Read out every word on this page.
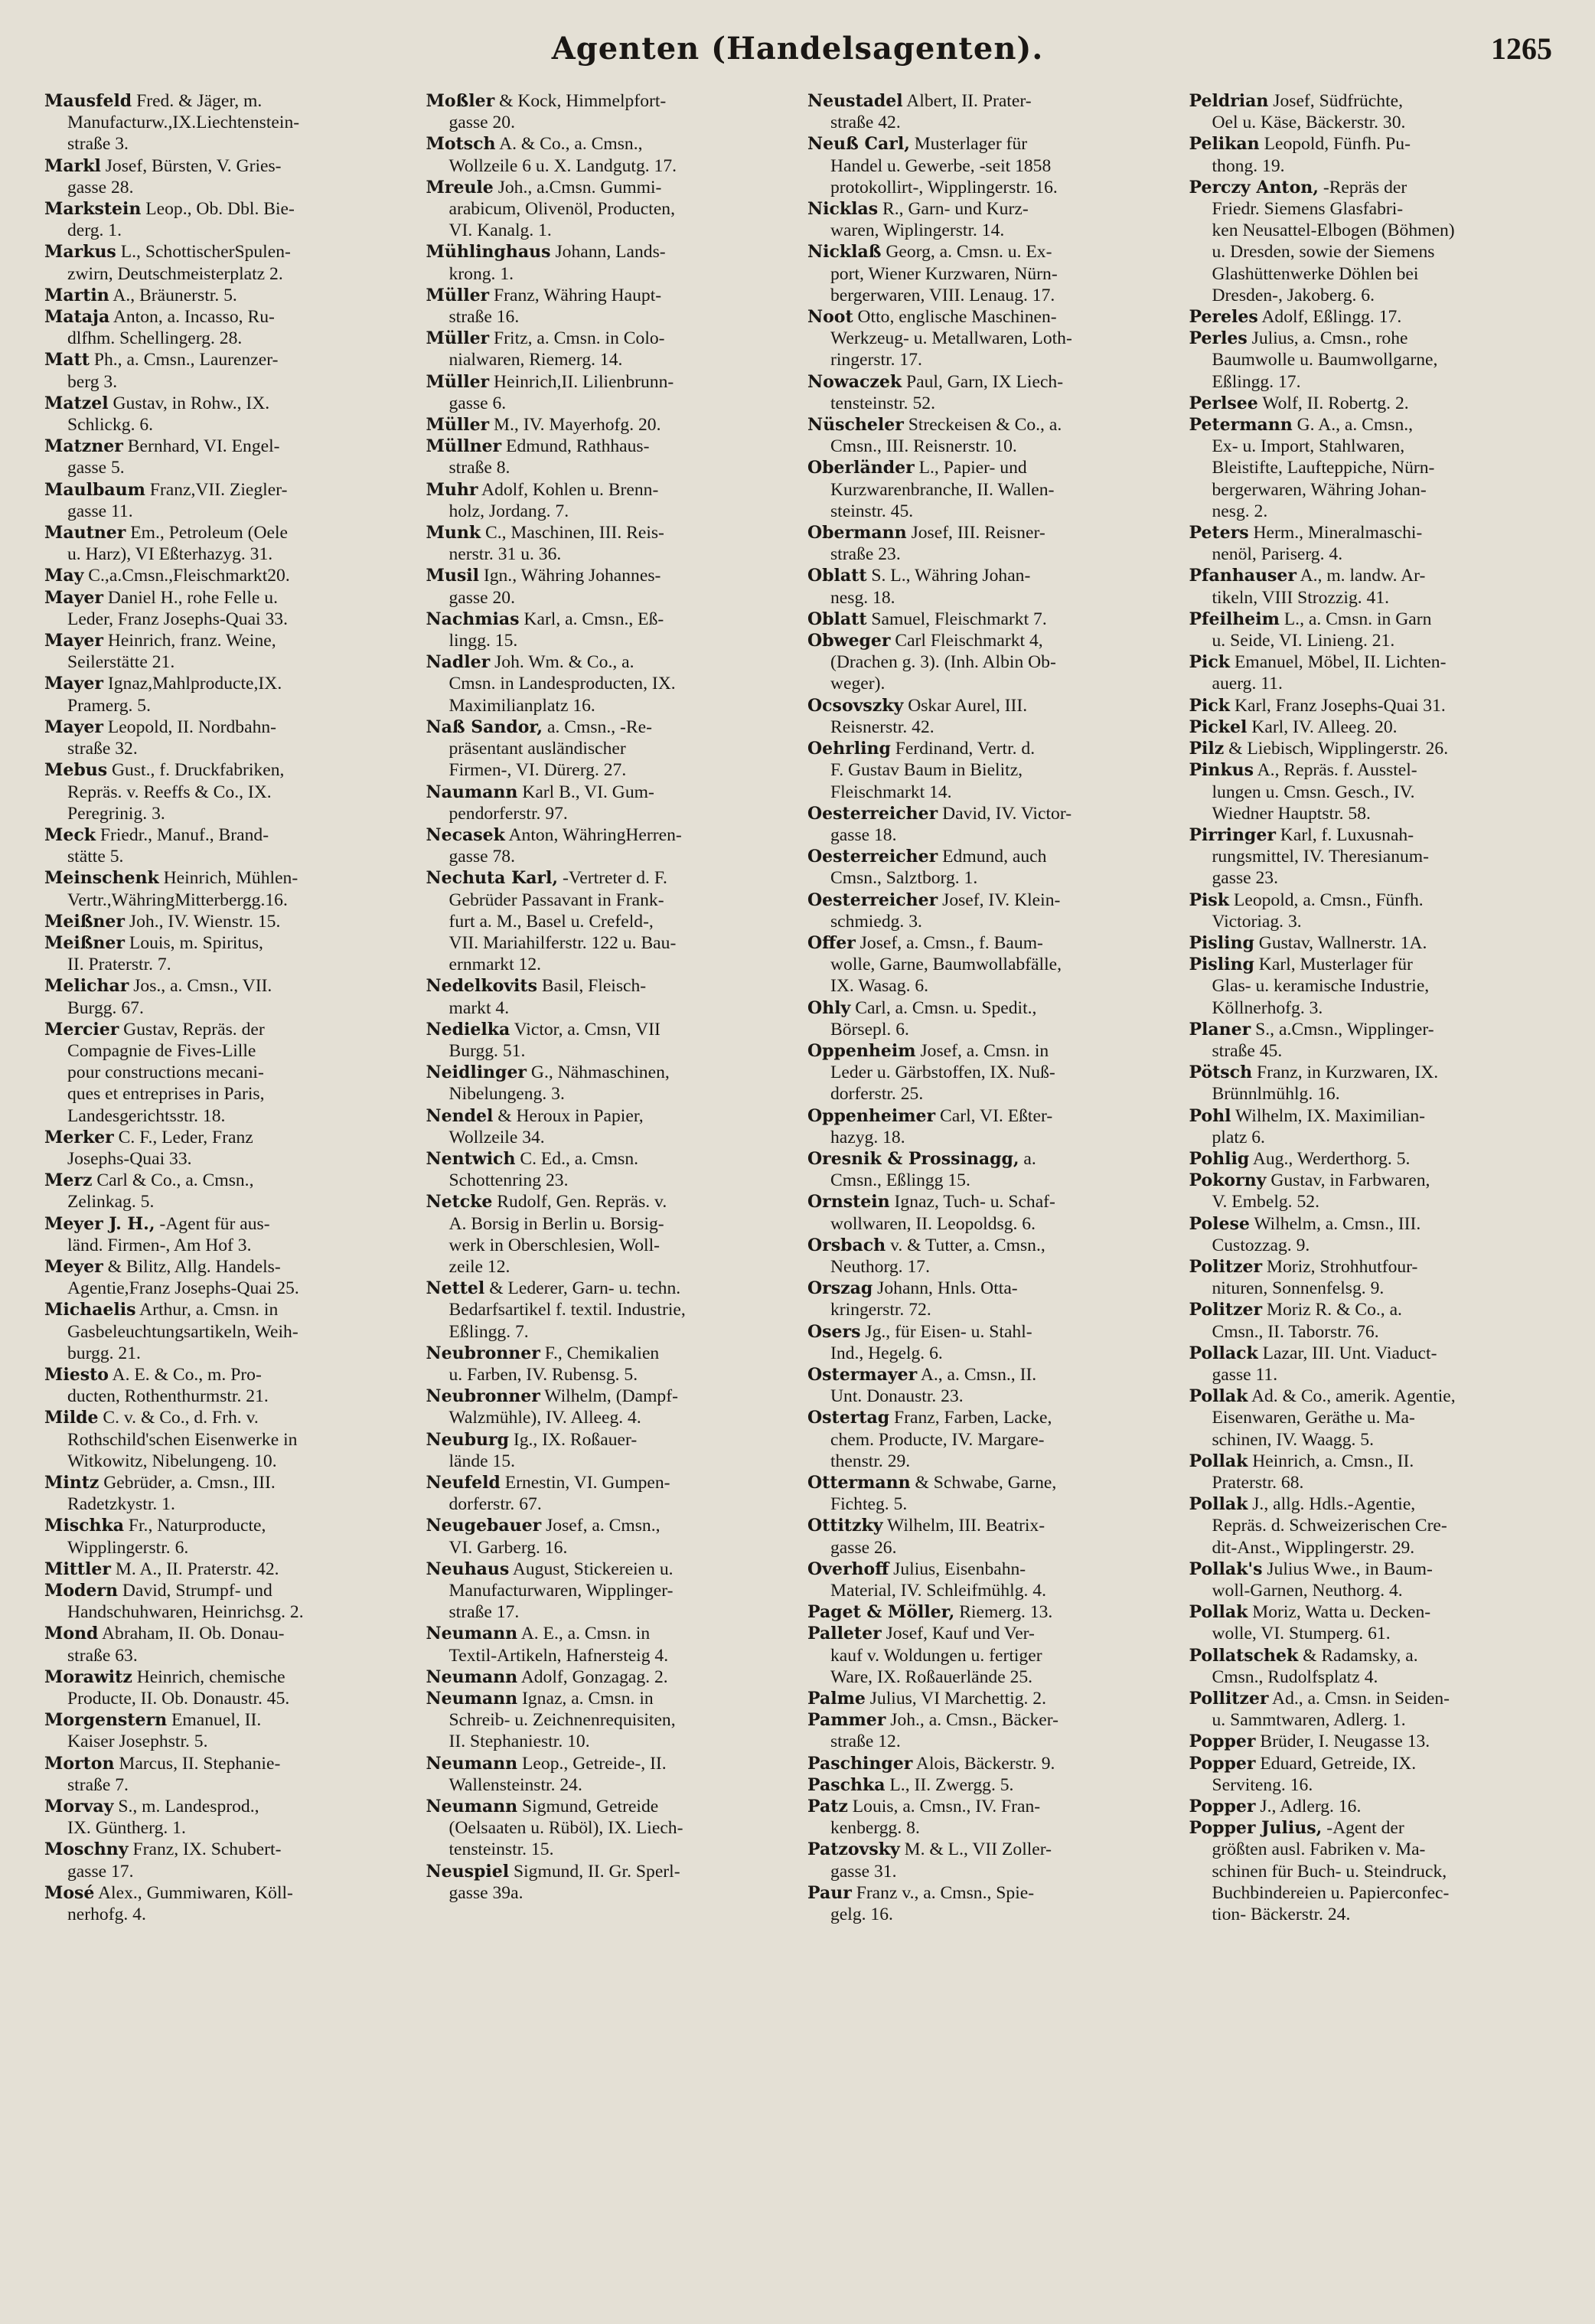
Agenten (Handelsagenten).	1265
Mausfeld Fred. & Jäger, m.
Manufacturw.,IX.Liechtenstein-
straße 3.
Markl Josef, Bürsten, V. Gries-
gasse 28.
Markstein Leop., Ob. Dbl. Bie-
derg. 1.
Markus L., SchottischerSpulen-
zwirn, Deutschmeisterplatz 2.
Martin A., Bräunerstr. 5.
Mataja Anton, a. Incasso, Ru-
dlfhm. Schellingerg. 28.
Matt Ph., a. Cmsn., Laurenzer-
berg 3.
Matzel Gustav, in Rohw., IX.
Schlickg. 6.
Matzner Bernhard, VI. Engel-
gasse 5.
Maulbaum Franz,VII. Ziegler-
gasse 11.
Mautner Em., Petroleum (Oele
u. Harz), VI Eßterhazyg. 31.
May C.,a.Cmsn.,Fleischmarkt20.
Mayer Daniel H., rohe Felle u.
Leder, Franz Josephs-Quai 33.
Mayer Heinrich, franz. Weine,
Seilerstätte 21.
Mayer Ignaz,Mahlproducte,IX.
Pramerg. 5.
Mayer Leopold, II. Nordbahn-
straße 32.
Mebus Gust., f. Druckfabriken,
Repräs. v. Reeffs & Co., IX.
Peregrinig. 3.
Meck Friedr., Manuf., Brand-
stätte 5.
Meinschenk Heinrich, Mühlen-
Vertr.,WähringMitterbergg.16.
Meißner Joh., IV. Wienstr. 15.
Meißner Louis, m. Spiritus,
II. Praterstr. 7.
Melichar Jos., a. Cmsn., VII.
Burgg. 67.
Mercier Gustav, Repräs. der
Compagnie de Fives-Lille
pour constructions mecani-
ques et entreprises in Paris,
Landesgerichtsstr. 18.
Merker C. F., Leder, Franz
Josephs-Quai 33.
Merz Carl & Co., a. Cmsn.,
Zelinkag. 5.
Meyer J. H., -Agent für aus-
länd. Firmen-, Am Hof 3.
Meyer & Bilitz, Allg. Handels-
Agentie,Franz Josephs-Quai 25.
Michaelis Arthur, a. Cmsn. in
Gasbeleuchtungsartikeln, Weih-
burgg. 21.
Miesto A. E. & Co., m. Pro-
ducten, Rothenthurmstr. 21.
Milde C. v. & Co., d. Frh. v.
Rothschild'schen Eisenwerke in
Witkowitz, Nibelungeng. 10.
Mintz Gebrüder, a. Cmsn., III.
Radetzkystr. 1.
Mischka Fr., Naturproducte,
Wipplingerstr. 6.
Mittler M. A., II. Praterstr. 42.
Modern David, Strumpf- und
Handschuhwaren, Heinrichsg. 2.
Mond Abraham, II. Ob. Donau-
straße 63.
Morawitz Heinrich, chemische
Producte, II. Ob. Donaustr. 45.
Morgenstern Emanuel, II.
Kaiser Josephstr. 5.
Morton Marcus, II. Stephanie-
straße 7.
Morvay S., m. Landesprod.,
IX. Güntherg. 1.
Moschny Franz, IX. Schubert-
gasse 17.
Mosé Alex., Gummiwaren, Köll-
nerhofg. 4.
Moßler & Kock, Himmelpfort-
gasse 20.
Motsch A. & Co., a. Cmsn.,
Wollzeile 6 u. X. Landgutg. 17.
Mreule Joh., a.Cmsn. Gummi-
arabicum, Olivenöl, Producten,
VI. Kanalg. 1.
Mühlinghaus Johann, Lands-
krong. 1.
Müller Franz, Währing Haupt-
straße 16.
Müller Fritz, a. Cmsn. in Colo-
nialwaren, Riemerg. 14.
Müller Heinrich,II. Lilienbrunn-
gasse 6.
Müller M., IV. Mayerhofg. 20.
Müllner Edmund, Rathhaus-
straße 8.
Muhr Adolf, Kohlen u. Brenn-
holz, Jordang. 7.
Munk C., Maschinen, III. Reis-
nerstr. 31 u. 36.
Musil Ign., Währing Johannes-
gasse 20.
Nachmias Karl, a. Cmsn., Eß-
lingg. 15.
Nadler Joh. Wm. & Co., a.
Cmsn. in Landesproducten, IX.
Maximilianplatz 16.
Naß Sandor, a. Cmsn., -Re-
präsentant ausländischer
Firmen-, VI. Dürerg. 27.
Naumann Karl B., VI. Gum-
pendorferstr. 97.
Necasek Anton, WähringHerren-
gasse 78.
Nechuta Karl, -Vertreter d. F.
Gebrüder Passavant in Frank-
furt a. M., Basel u. Crefeld-,
VII. Mariahilferstr. 122 u. Bau-
ernmarkt 12.
Nedelkovits Basil, Fleisch-
markt 4.
Nedielka Victor, a. Cmsn, VII
Burgg. 51.
Neidlinger G., Nähmaschinen,
Nibelungeng. 3.
Nendel & Heroux in Papier,
Wollzeile 34.
Nentwich C. Ed., a. Cmsn.
Schottenring 23.
Netcke Rudolf, Gen. Repräs. v.
A. Borsig in Berlin u. Borsig-
werk in Oberschlesien, Woll-
zeile 12.
Nettel & Lederer, Garn- u. techn.
Bedarfsartikel f. textil. Industrie,
Eßlingg. 7.
Neubronner F., Chemikalien
u. Farben, IV. Rubensg. 5.
Neubronner Wilhelm, (Dampf-
Walzmühle), IV. Alleeg. 4.
Neuburg Ig., IX. Roßauer-
lände 15.
Neufeld Ernestin, VI. Gumpen-
dorferstr. 67.
Neugebauer Josef, a. Cmsn.,
VI. Garberg. 16.
Neuhaus August, Stickereien u.
Manufacturwaren, Wipplinger-
straße 17.
Neumann A. E., a. Cmsn. in
Textil-Artikeln, Hafnersteig 4.
Neumann Adolf, Gonzagag. 2.
Neumann Ignaz, a. Cmsn. in
Schreib- u. Zeichnenrequisiten,
II. Stephaniestr. 10.
Neumann Leop., Getreide-, II.
Wallensteinstr. 24.
Neumann Sigmund, Getreide
(Oelsaaten u. Rüböl), IX. Liech-
tensteinstr. 15.
Neuspiel Sigmund, II. Gr. Sperl-
gasse 39a.
Neustadel Albert, II. Prater-
straße 42.
Neuß Carl, Musterlager für
Handel u. Gewerbe, -seit 1858
protokollirt-, Wipplingerstr. 16.
Nicklas R., Garn- und Kurz-
waren, Wiplingerstr. 14.
Nicklaß Georg, a. Cmsn. u. Ex-
port, Wiener Kurzwaren, Nürn-
bergerwaren, VIII. Lenaug. 17.
Noot Otto, englische Maschinen-
Werkzeug- u. Metallwaren, Loth-
ringerstr. 17.
Nowaczek Paul, Garn, IX Liech-
tensteinstr. 52.
Nüscheler Streckeisen & Co., a.
Cmsn., III. Reisnerstr. 10.
Oberländer L., Papier- und
Kurzwarenbranche, II. Wallen-
steinstr. 45.
Obermann Josef, III. Reisner-
straße 23.
Oblatt S. L., Währing Johan-
nesg. 18.
Oblatt Samuel, Fleischmarkt 7.
Obweger Carl Fleischmarkt 4,
(Drachen g. 3). (Inh. Albin Ob-
weger).
Ocsovszky Oskar Aurel, III.
Reisnerstr. 42.
Oehrling Ferdinand, Vertr. d.
F. Gustav Baum in Bielitz,
Fleischmarkt 14.
Oesterreicher David, IV. Victor-
gasse 18.
Oesterreicher Edmund, auch
Cmsn., Salztborg. 1.
Oesterreicher Josef, IV. Klein-
schmiedg. 3.
Offer Josef, a. Cmsn., f. Baum-
wolle, Garne, Baumwollabfälle,
IX. Wasag. 6.
Ohly Carl, a. Cmsn. u. Spedit.,
Börsepl. 6.
Oppenheim Josef, a. Cmsn. in
Leder u. Gärbstoffen, IX. Nuß-
dorferstr. 25.
Oppenheimer Carl, VI. Eßter-
hazyg. 18.
Oresnik & Prossinagg, a.
Cmsn., Eßlingg 15.
Ornstein Ignaz, Tuch- u. Schaf-
wollwaren, II. Leopoldsg. 6.
Orsbach v. & Tutter, a. Cmsn.,
Neuthorg. 17.
Orszag Johann, Hnls. Otta-
kringerstr. 72.
Osers Jg., für Eisen- u. Stahl-
Ind., Hegelg. 6.
Ostermayer A., a. Cmsn., II.
Unt. Donaustr. 23.
Ostertag Franz, Farben, Lacke,
chem. Producte, IV. Margare-
thenstr. 29.
Ottermann & Schwabe, Garne,
Fichteg. 5.
Ottitzky Wilhelm, III. Beatrix-
gasse 26.
Overhoff Julius, Eisenbahn-
Material, IV. Schleifmühlg. 4.
Paget & Möller, Riemerg. 13.
Palleter Josef, Kauf und Ver-
kauf v. Woldungen u. fertiger
Ware, IX. Roßauerlände 25.
Palme Julius, VI Marchettig. 2.
Pammer Joh., a. Cmsn., Bäcker-
straße 12.
Paschinger Alois, Bäckerstr. 9.
Paschka L., II. Zwergg. 5.
Patz Louis, a. Cmsn., IV. Fran-
kenbergg. 8.
Patzovsky M. & L., VII Zoller-
gasse 31.
Paur Franz v., a. Cmsn., Spie-
gelg. 16.
Peldrian Josef, Südfrüchte,
Oel u. Käse, Bäckerstr. 30.
Pelikan Leopold, Fünfh. Pu-
thong. 19.
Perczy Anton, -Repräs der
Friedr. Siemens Glasfabri-
ken Neusattel-Elbogen (Böhmen)
u. Dresden, sowie der Siemens
Glashüttenwerke Döhlen bei
Dresden-, Jakoberg. 6.
Pereles Adolf, Eßlingg. 17.
Perles Julius, a. Cmsn., rohe
Baumwolle u. Baumwollgarne,
Eßlingg. 17.
Perlsee Wolf, II. Robertg. 2.
Petermann G. A., a. Cmsn.,
Ex- u. Import, Stahlwaren,
Bleistifte, Laufteppiche, Nürn-
bergerwaren, Währing Johan-
nesg. 2.
Peters Herm., Mineralmaschi-
nenöl, Pariserg. 4.
Pfanhauser A., m. landw. Ar-
tikeln, VIII Strozzig. 41.
Pfeilheim L., a. Cmsn. in Garn
u. Seide, VI. Linieng. 21.
Pick Emanuel, Möbel, II. Lichten-
auerg. 11.
Pick Karl, Franz Josephs-Quai 31.
Pickel Karl, IV. Alleeg. 20.
Pilz & Liebisch, Wipplingerstr. 26.
Pinkus A., Repräs. f. Ausstel-
lungen u. Cmsn. Gesch., IV.
Wiedner Hauptstr. 58.
Pirringer Karl, f. Luxusnah-
rungsmittel, IV. Theresianum-
gasse 23.
Pisk Leopold, a. Cmsn., Fünfh.
Victoriag. 3.
Pisling Gustav, Wallnerstr. 1A.
Pisling Karl, Musterlager für
Glas- u. keramische Industrie,
Köllnerhofg. 3.
Planer S., a.Cmsn., Wipplinger-
straße 45.
Pötsch Franz, in Kurzwaren, IX.
Brünnlmühlg. 16.
Pohl Wilhelm, IX. Maximilian-
platz 6.
Pohlig Aug., Werderthorg. 5.
Pokorny Gustav, in Farbwaren,
V. Embelg. 52.
Polese Wilhelm, a. Cmsn., III.
Custozzag. 9.
Politzer Moriz, Strohhutfour-
nituren, Sonnenfelsg. 9.
Politzer Moriz R. & Co., a.
Cmsn., II. Taborstr. 76.
Pollack Lazar, III. Unt. Viaduct-
gasse 11.
Pollak Ad. & Co., amerik. Agentie,
Eisenwaren, Geräthe u. Ma-
schinen, IV. Waagg. 5.
Pollak Heinrich, a. Cmsn., II.
Praterstr. 68.
Pollak J., allg. Hdls.-Agentie,
Repräs. d. Schweizerischen Cre-
dit-Anst., Wipplingerstr. 29.
Pollak's Julius Wwe., in Baum-
woll-Garnen, Neuthorg. 4.
Pollak Moriz, Watta u. Decken-
wolle, VI. Stumperg. 61.
Pollatschek & Radamsky, a.
Cmsn., Rudolfsplatz 4.
Pollitzer Ad., a. Cmsn. in Seiden-
u. Sammtwaren, Adlerg. 1.
Popper Brüder, I. Neugasse 13.
Popper Eduard, Getreide, IX.
Serviteng. 16.
Popper J., Adlerg. 16.
Popper Julius, -Agent der
größten ausl. Fabriken v. Ma-
schinen für Buch- u. Steindruck,
Buchbindereien u. Papierconfec-
tion- Bäckerstr. 24.
